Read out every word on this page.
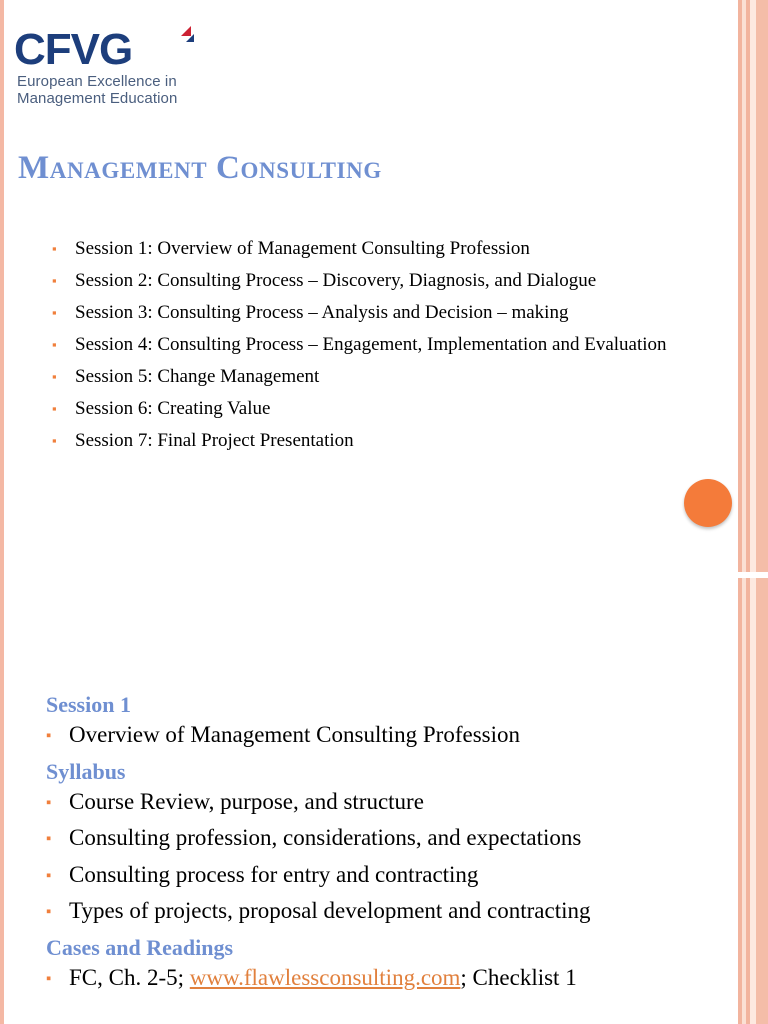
CFVG
European Excellence in
Management Education
Management Consulting
▪ Session 1: Overview of Management Consulting Profession
▪ Session 2: Consulting Process – Discovery, Diagnosis, and Dialogue
▪ Session 3: Consulting Process – Analysis and Decision – making
▪ Session 4: Consulting Process – Engagement, Implementation and Evaluation
▪ Session 5: Change Management
▪ Session 6: Creating Value
▪ Session 7: Final Project Presentation
Session 1
▪ Overview of Management Consulting Profession
Syllabus
▪ Course Review, purpose, and structure
▪ Consulting profession, considerations, and expectations
▪ Consulting process for entry and contracting
▪ Types of projects, proposal development and contracting
Cases and Readings
▪ FC, Ch. 2-5; www.flawlessconsulting.com; Checklist 1
